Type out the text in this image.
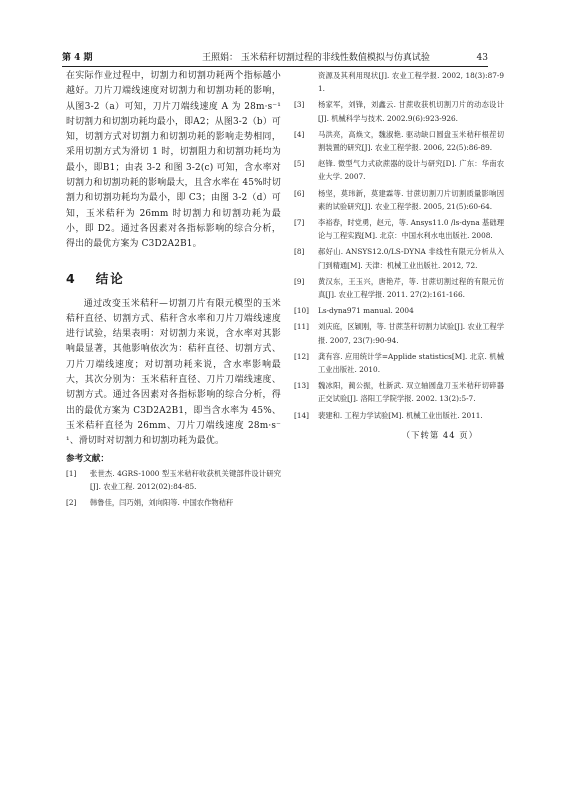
第 4 期	王照娟： 玉米秸秆切割过程的非线性数值模拟与仿真试验	43

在实际作业过程中，切割力和切割功耗两个指标越小越好。刀片刀端线速度对切割力和切割功耗的影响，从图3-2（a）可知，刀片刀端线速度 A 为 28m·s⁻¹时切割力和切割功耗均最小，即A2；从图3-2（b）可知，切割方式对切割力和切割功耗的影响走势相同，采用切割方式为滑切 1 时，切割阻力和切割功耗均为最小，即B1；由表 3-2 和图 3-2(c) 可知，含水率对切割力和切割功耗的影响最大，且含水率在 45%时切割力和切割功耗均为最小，即 C3；由图 3-2（d）可知，玉米秸秆为 26mm 时切割力和切割功耗为最小，即 D2。通过各因素对各指标影响的综合分析，得出的最优方案为 C3D2A2B1。

4 结论

通过改变玉米秸秆—切割刀片有限元模型的玉米秸秆直径、切割方式、秸秆含水率和刀片刀端线速度进行试验，结果表明：对切割力来说，含水率对其影响最显著，其他影响依次为：秸秆直径、切割方式、刀片刀端线速度；对切割功耗来说，含水率影响最大，其次分别为：玉米秸秆直径、刀片刀端线速度、切割方式。通过各因素对各指标影响的综合分析，得出的最优方案为 C3D2A2B1，即当含水率为 45%、玉米秸秆直径为 26mm、刀片刀端线速度 28m·s⁻¹、滑切时对切割力和切割功耗为最优。

参考文献：
[1]	张世杰. 4GRS-1000 型玉米秸秆收获机关键部件设计研究[J]. 农业工程. 2012(02):84-85.
[2]	韩鲁佳，闫巧娟，刘向阳等. 中国农作物秸秆
资源及其利用现状[J]. 农业工程学报. 2002, 18(3):87-91.
[3]	杨家军，刘锋，刘鑫云. 甘蔗收获机切割刀片的动态设计[J]. 机械科学与技术. 2002.9(6):923-926.
[4]	马洪亮，高焕文，魏淑艳. 驱动缺口圆盘玉米秸秆根茬切割装置的研究[J]. 农业工程学报. 2006, 22(5):86-89.
[5]	赵锋. 微型气力式砍蔗器的设计与研究[D]. 广东：华南农业大学. 2007.
[6]	杨坚，莫玮新，莫建霖等. 甘蔗切割刀片切割质量影响因素的试验研究[J]. 农业工程学报. 2005, 21(5):60-64.
[7]	李裕春，时党勇，赵元，等. Ansys11.0 /ls-dyna 基础理论与工程实践[M]. 北京：中国水利水电出版社. 2008.
[8]	郝好山. ANSYS12.0/LS-DYNA 非线性有限元分析从入门到精通[M]. 天津：机械工业出版社. 2012, 72.
[9]	黄汉东，王玉兴，唐艳芹，等. 甘蔗切割过程的有限元仿真[J]. 农业工程学报. 2011. 27(2):161-166.
[10]	Ls-dyna971 manual. 2004
[11]	刘庆庭，区颖刚，等. 甘蔗茎秆切割力试验[J]. 农业工程学报. 2007, 23(7):90-94.
[12]	龚有容. 应用统计学=Applide statistics[M]. 北京. 机械工业出版社. 2010.
[13]	魏冰阳，蔺公振，杜新武. 双立轴圆盘刀玉米秸秆切碎器正交试验[J]. 洛阳工学院学报. 2002. 13(2):5-7.
[14]	裴建和. 工程力学试验[M]. 机械工业出版社. 2011.
（下转第 44 页）
